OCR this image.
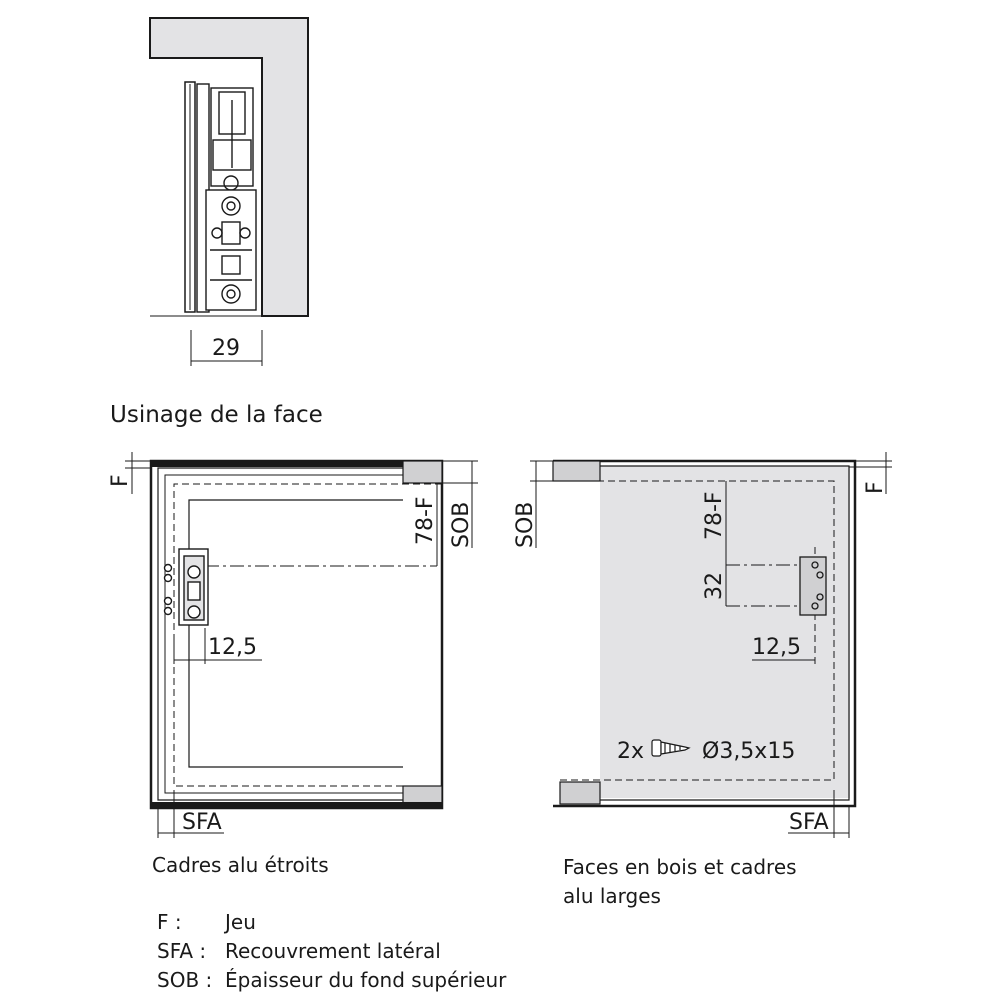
29
12,5
F
SOB
78-F
SFA
78-F
32
12,5
2x	Ø3,5x15
SOB
F
SFA
Usinage de la face
Cadres alu étroits	Faces en bois et cadres
alu larges
F :	Jeu
SFA : Recouvrement latéral
SOB : Épaisseur du fond supérieur
